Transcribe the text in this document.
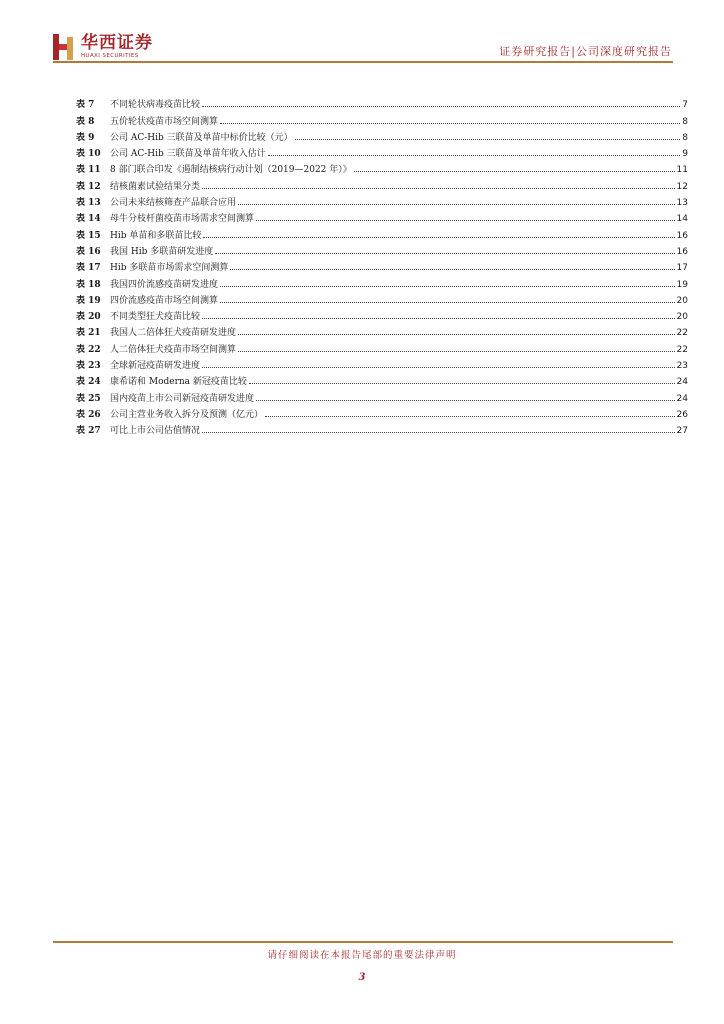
华西证券
HUAXI SECURITIES	证券研究报告|公司深度研究报告
表 7	不同轮状病毒疫苗比较	7
表 8	五价轮状疫苗市场空间测算	8
表 9	公司 AC-Hib 三联苗及单苗中标价比较（元）	8
表 10	公司 AC-Hib 三联苗及单苗年收入估计	9
表 11	8 部门联合印发《遏制结核病行动计划（2019—2022 年）》	11
表 12	结核菌素试验结果分类	12
表 13	公司未来结核筛查产品联合应用	13
表 14	母牛分枝杆菌疫苗市场需求空间测算	14
表 15	Hib 单苗和多联苗比较	16
表 16	我国 Hib 多联苗研发进度	16
表 17	Hib 多联苗市场需求空间测算	17
表 18	我国四价流感疫苗研发进度	19
表 19	四价流感疫苗市场空间测算	20
表 20	不同类型狂犬疫苗比较	20
表 21	我国人二倍体狂犬疫苗研发进度	22
表 22	人二倍体狂犬疫苗市场空间测算	22
表 23	全球新冠疫苗研发进度	23
表 24	康希诺和 Moderna 新冠疫苗比较	24
表 25	国内疫苗上市公司新冠疫苗研发进度	24
表 26	公司主营业务收入拆分及预测（亿元）	26
表 27	可比上市公司估值情况	27
请仔细阅读在本报告尾部的重要法律声明
3
